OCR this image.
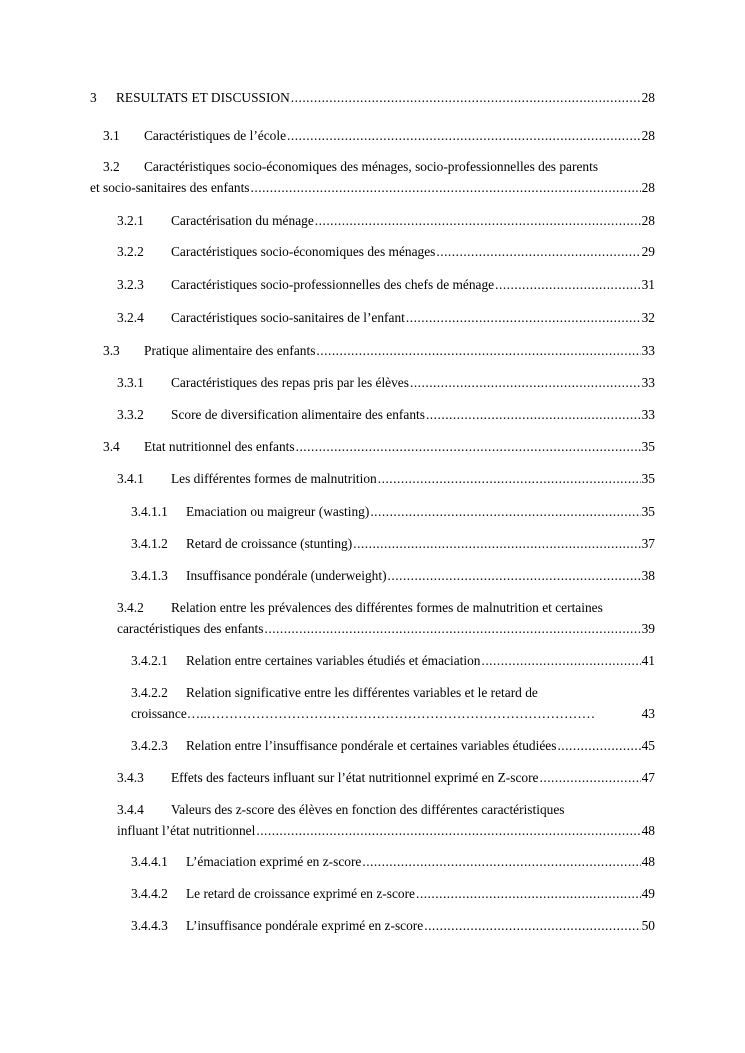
3	RESULTATS ET DISCUSSION .....	28
3.1	Caractéristiques de l’école .....	28
3.2 Caractéristiques socio-économiques des ménages, socio-professionnelles des parents
et socio-sanitaires des enfants .....	28
3.2.1	Caractérisation du ménage .....	28
3.2.2	Caractéristiques socio-économiques des ménages .....	29
3.2.3	Caractéristiques socio-professionnelles des chefs de ménage .....	31
3.2.4	Caractéristiques socio-sanitaires de l’enfant .....	32
3.3	Pratique alimentaire des enfants .....	33
3.3.1	Caractéristiques des repas pris par les élèves .....	33
3.3.2	Score de diversification alimentaire des enfants .....	33
3.4	Etat nutritionnel des enfants .....	35
3.4.1	Les différentes formes de malnutrition .....	35
3.4.1.1	Emaciation ou maigreur (wasting) .....	35
3.4.1.2	Retard de croissance (stunting) .....	37
3.4.1.3	Insuffisance pondérale (underweight) .....	38
3.4.2 Relation entre les prévalences des différentes formes de malnutrition et certaines
caractéristiques des enfants .....	39
3.4.2.1	Relation entre certaines variables étudiés et émaciation .....	41
3.4.2.2 Relation significative entre les différentes variables et le retard de
croissance…..……………………………………………………………………………	43
3.4.2.3	Relation entre l’insuffisance pondérale et certaines variables étudiées .....	45
3.4.3	Effets des facteurs influant sur l’état nutritionnel exprimé en Z-score .....	47
3.4.4 Valeurs des z-score des élèves en fonction des différentes caractéristiques
influant l’état nutritionnel .....	48
3.4.4.1	L’émaciation exprimé en z-score .....	48
3.4.4.2	Le retard de croissance exprimé en z-score .....	49
3.4.4.3	L’insuffisance pondérale exprimé en z-score .....	50
